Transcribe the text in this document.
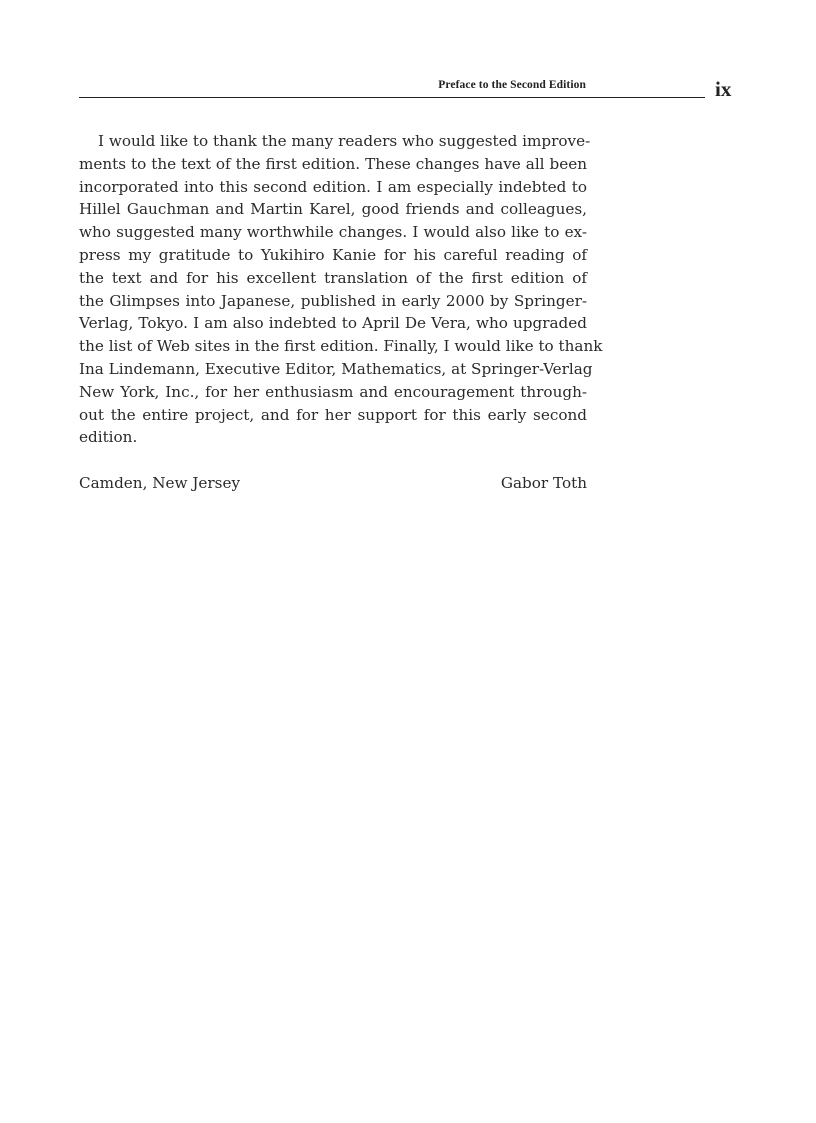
Preface to the Second Edition	ix
I would like to thank the many readers who suggested improve-
ments to the text of the first edition. These changes have all been
incorporated into this second edition. I am especially indebted to
Hillel Gauchman and Martin Karel, good friends and colleagues,
who suggested many worthwhile changes. I would also like to ex-
press my gratitude to Yukihiro Kanie for his careful reading of
the text and for his excellent translation of the first edition of
the Glimpses into Japanese, published in early 2000 by Springer-
Verlag, Tokyo. I am also indebted to April De Vera, who upgraded
the list of Web sites in the first edition. Finally, I would like to thank
Ina Lindemann, Executive Editor, Mathematics, at Springer-Verlag
New York, Inc., for her enthusiasm and encouragement through-
out the entire project, and for her support for this early second
edition.
Camden, New Jersey	Gabor Toth
